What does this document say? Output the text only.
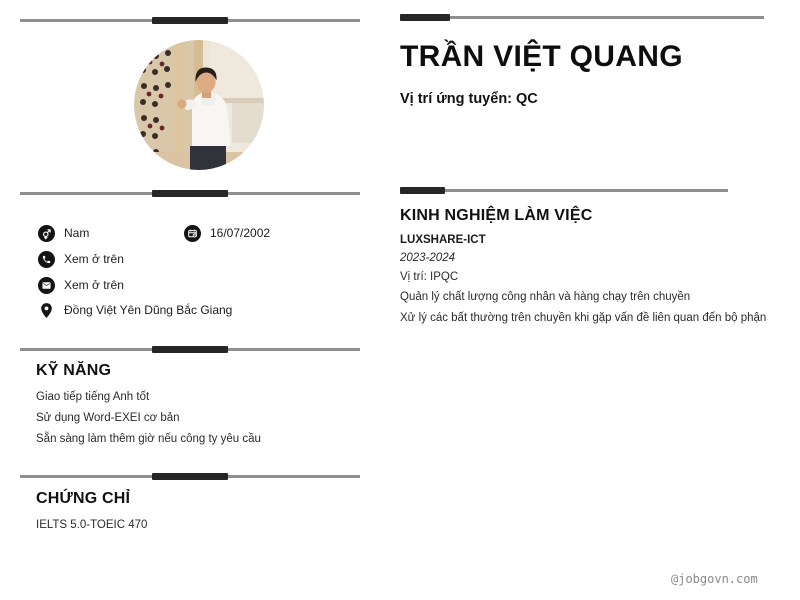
Nam	16/07/2002
Xem ở trên
Xem ở trên
Đồng Việt Yên Dũng Bắc Giang
KỸ NĂNG
Giao tiếp tiếng Anh tốt
Sử dụng Word-EXEI cơ bản
Sẵn sàng làm thêm giờ nếu công ty yêu cầu
CHỨNG CHỈ
IELTS 5.0-TOEIC 470
TRẦN VIỆT QUANG
Vị trí ứng tuyển: QC
KINH NGHIỆM LÀM VIỆC
LUXSHARE-ICT
2023-2024
Vị trí: IPQC
Quản lý chất lượng công nhân và hàng chạy trên chuyền
Xử lý các bất thường trên chuyền khi gặp vấn đề liên quan đến bộ phận
@jobgovn.com
